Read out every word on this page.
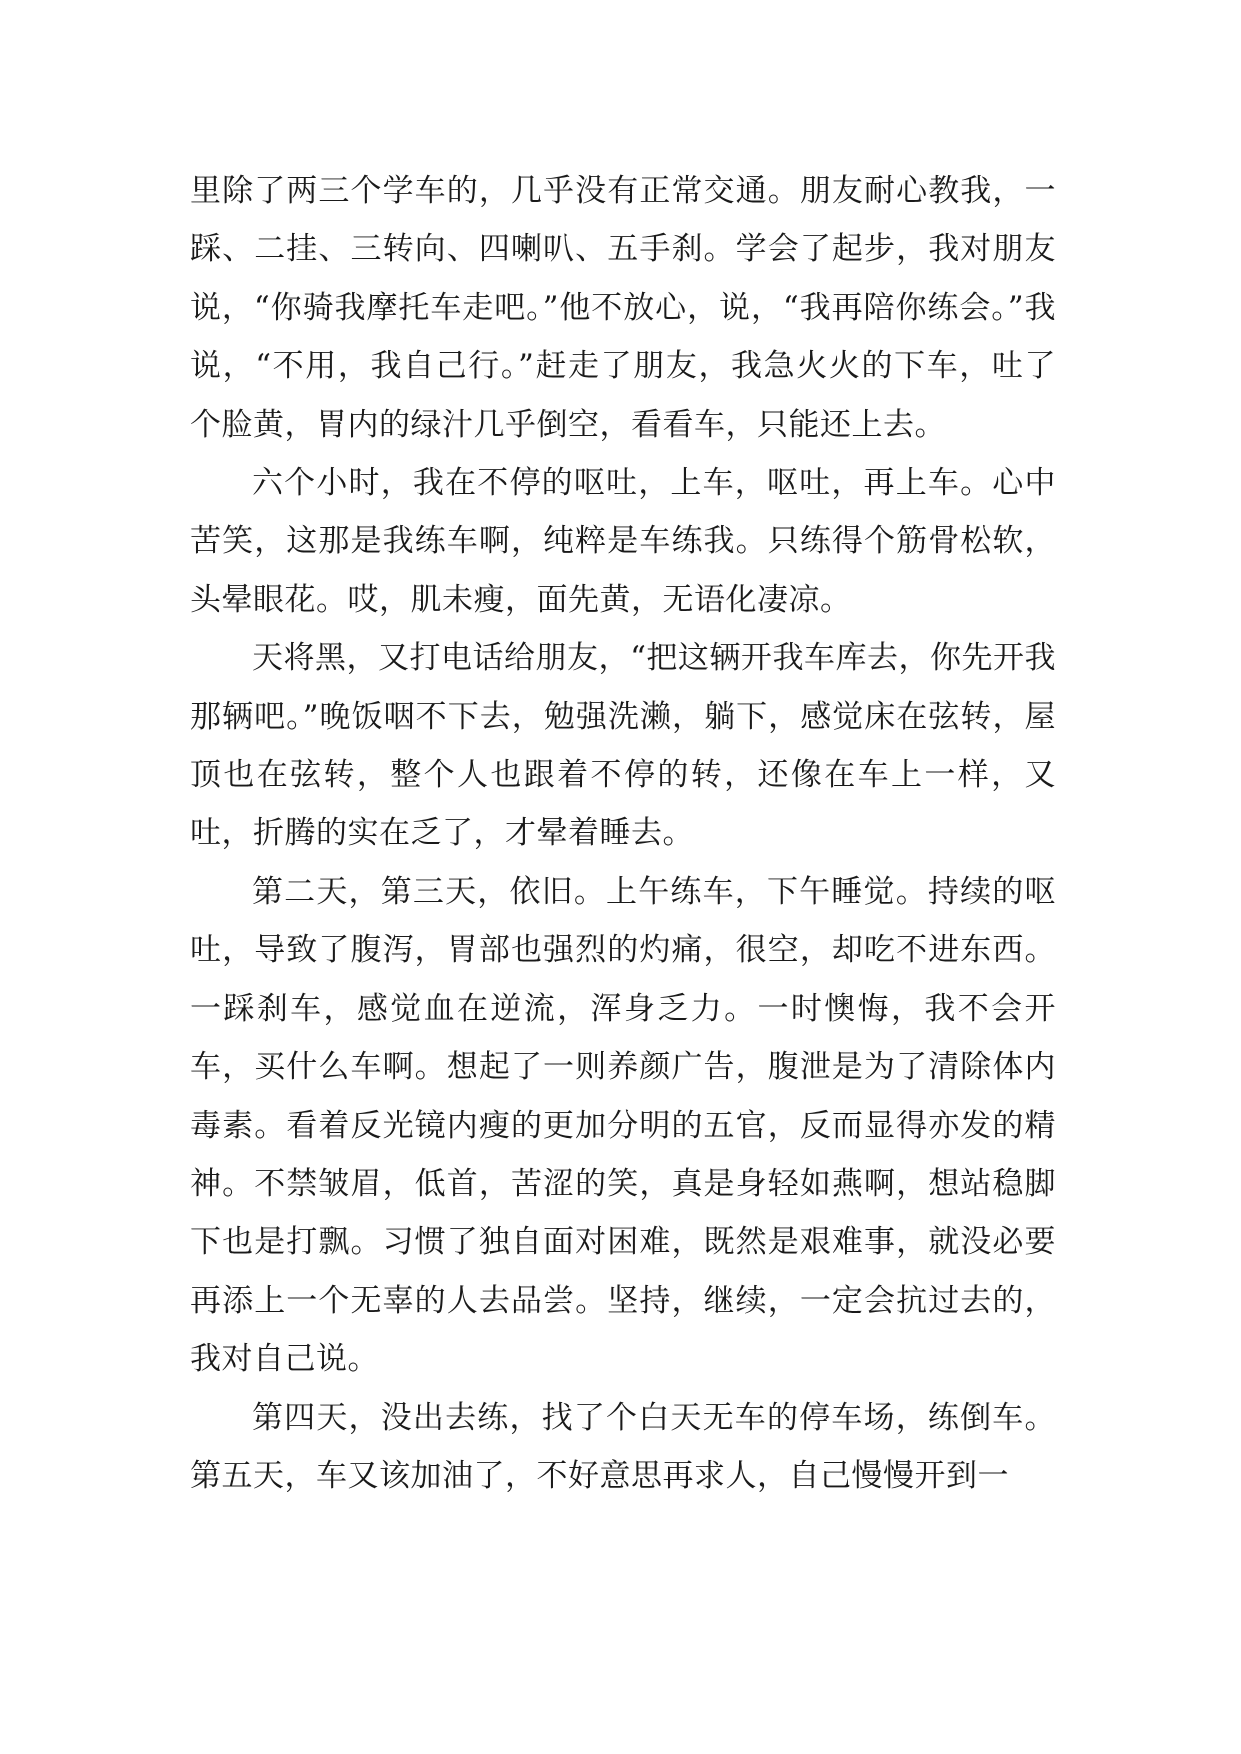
里除了两三个学车的，几乎没有正常交通。朋友耐心教我，一踩、二挂、三转向、四喇叭、五手刹。学会了起步，我对朋友说，“你骑我摩托车走吧。”他不放心，说，“我再陪你练会。”我说，“不用，我自己行。”赶走了朋友，我急火火的下车，吐了个脸黄，胃内的绿汁几乎倒空，看看车，只能还上去。

六个小时，我在不停的呕吐，上车，呕吐，再上车。心中苦笑，这那是我练车啊，纯粹是车练我。只练得个筋骨松软，头晕眼花。哎，肌未瘦，面先黄，无语化凄凉。

天将黑，又打电话给朋友，“把这辆开我车库去，你先开我那辆吧。”晚饭咽不下去，勉强洗濑，躺下，感觉床在弦转，屋顶也在弦转，整个人也跟着不停的转，还像在车上一样，又吐，折腾的实在乏了，才晕着睡去。

第二天，第三天，依旧。上午练车，下午睡觉。持续的呕吐，导致了腹泻，胃部也强烈的灼痛，很空，却吃不进东西。一踩刹车，感觉血在逆流，浑身乏力。一时懊悔，我不会开车，买什么车啊。想起了一则养颜广告，腹泄是为了清除体内毒素。看着反光镜内瘦的更加分明的五官，反而显得亦发的精神。不禁皱眉，低首，苦涩的笑，真是身轻如燕啊，想站稳脚下也是打飘。习惯了独自面对困难，既然是艰难事，就没必要再添上一个无辜的人去品尝。坚持，继续，一定会抗过去的，我对自己说。

第四天，没出去练，找了个白天无车的停车场，练倒车。第五天，车又该加油了，不好意思再求人，自己慢慢开到一
